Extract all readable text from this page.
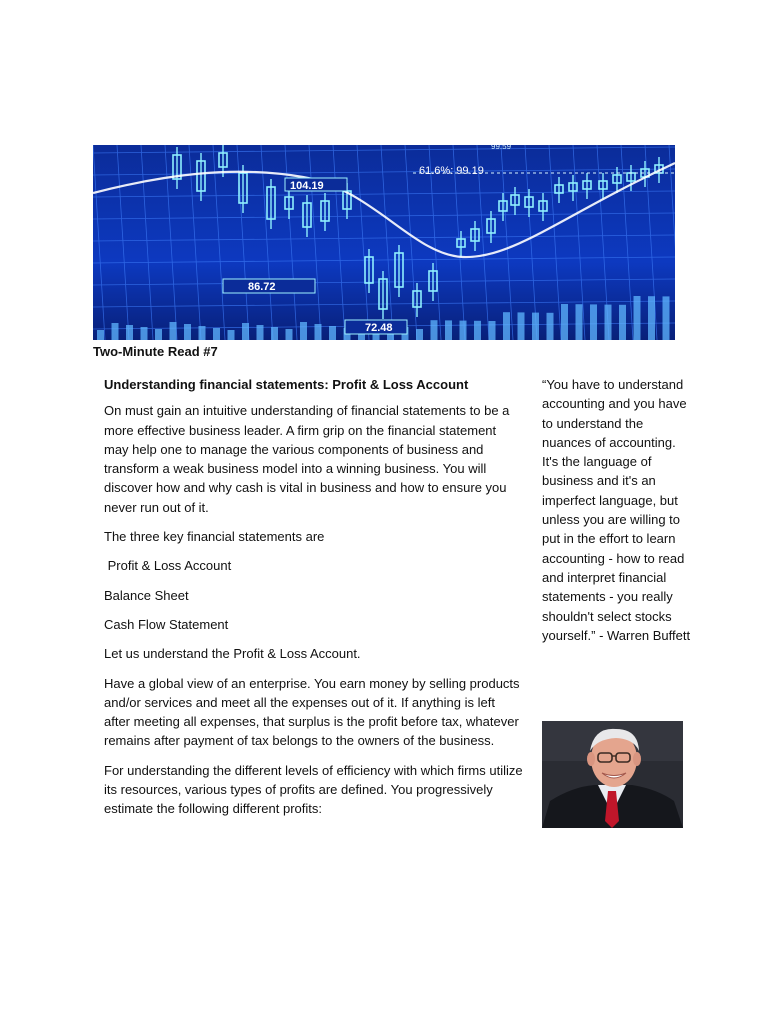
61.6%: 99.19
99.59
104.19
86.72
72.48
Two-Minute Read #7

Understanding financial statements: Profit & Loss Account

On must gain an intuitive understanding of financial statements to be a more effective business leader. A firm grip on the financial statement may help one to manage the various components of business and transform a weak business model into a winning business. You will discover how and why cash is vital in business and how to ensure you never run out of it.

The three key financial statements are

Profit & Loss Account

Balance Sheet

Cash Flow Statement

Let us understand the Profit & Loss Account.

Have a global view of an enterprise. You earn money by selling products and/or services and meet all the expenses out of it. If anything is left after meeting all expenses, that surplus is the profit before tax, whatever remains after payment of tax belongs to the owners of the business.

For understanding the different levels of efficiency with which firms utilize its resources, various types of profits are defined. You progressively estimate the following different profits:

“You have to understand accounting and you have to understand the nuances of accounting. It's the language of business and it's an imperfect language, but unless you are willing to put in the effort to learn accounting - how to read and interpret financial statements - you really shouldn't select stocks yourself.” - Warren Buffett
